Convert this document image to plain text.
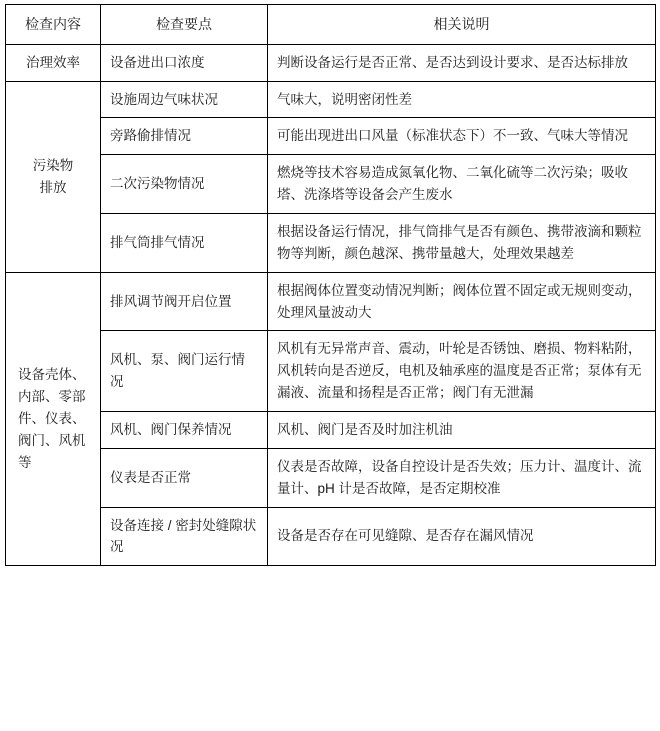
检查内容	检查要点	相关说明
治理效率	设备进出口浓度	判断设备运行是否正常、是否达到设计要求、是否达标排放
污染物
排放	设施周边气味状况	气味大，说明密闭性差
	旁路偷排情况	可能出现进出口风量（标准状态下）不一致、气味大等情况
	二次污染物情况	燃烧等技术容易造成氮氧化物、二氧化硫等二次污染；吸收塔、洗涤塔等设备会产生废水
	排气筒排气情况	根据设备运行情况，排气筒排气是否有颜色、携带液滴和颗粒物等判断，颜色越深、携带量越大，处理效果越差
设备壳体、内部、零部件、仪表、阀门、风机等	排风调节阀开启位置	根据阀体位置变动情况判断；阀体位置不固定或无规则变动，处理风量波动大
	风机、泵、阀门运行情况	风机有无异常声音、震动，叶轮是否锈蚀、磨损、物料粘附，风机转向是否逆反，电机及轴承座的温度是否正常；泵体有无漏液、流量和扬程是否正常；阀门有无泄漏
	风机、阀门保养情况	风机、阀门是否及时加注机油
	仪表是否正常	仪表是否故障，设备自控设计是否失效；压力计、温度计、流量计、pH 计是否故障，是否定期校准
	设备连接 / 密封处缝隙状况	设备是否存在可见缝隙、是否存在漏风情况
